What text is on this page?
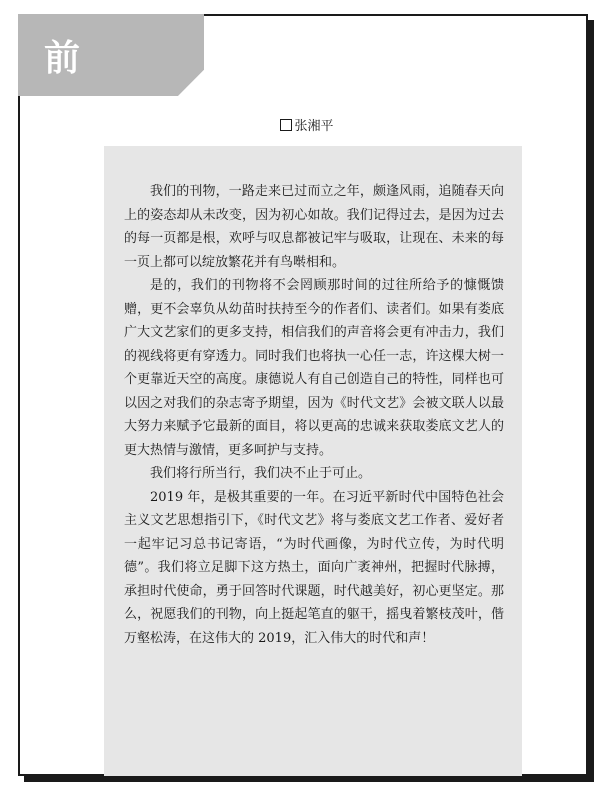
前 言
张湘平

我们的刊物，一路走来已过而立之年，颇逢风雨，追随春天向上的姿态却从未改变，因为初心如故。我们记得过去，是因为过去的每一页都是根，欢呼与叹息都被记牢与吸取，让现在、未来的每一页上都可以绽放繁花并有鸟啭相和。

是的，我们的刊物将不会罔顾那时间的过往所给予的慷慨馈赠，更不会辜负从幼苗时扶持至今的作者们、读者们。如果有娄底广大文艺家们的更多支持，相信我们的声音将会更有冲击力，我们的视线将更有穿透力。同时我们也将执一心任一志，许这棵大树一个更靠近天空的高度。康德说人有自己创造自己的特性，同样也可以因之对我们的杂志寄予期望，因为《时代文艺》会被文联人以最大努力来赋予它最新的面目，将以更高的忠诚来获取娄底文艺人的更大热情与激情，更多呵护与支持。

我们将行所当行，我们决不止于可止。

2019 年，是极其重要的一年。在习近平新时代中国特色社会主义文艺思想指引下，《时代文艺》将与娄底文艺工作者、爱好者一起牢记习总书记寄语，“为时代画像，为时代立传，为时代明德”。我们将立足脚下这方热土，面向广袤神州，把握时代脉搏，承担时代使命，勇于回答时代课题，时代越美好，初心更坚定。那么，祝愿我们的刊物，向上挺起笔直的躯干，摇曳着繁枝茂叶，偕万壑松涛，在这伟大的 2019，汇入伟大的时代和声！
